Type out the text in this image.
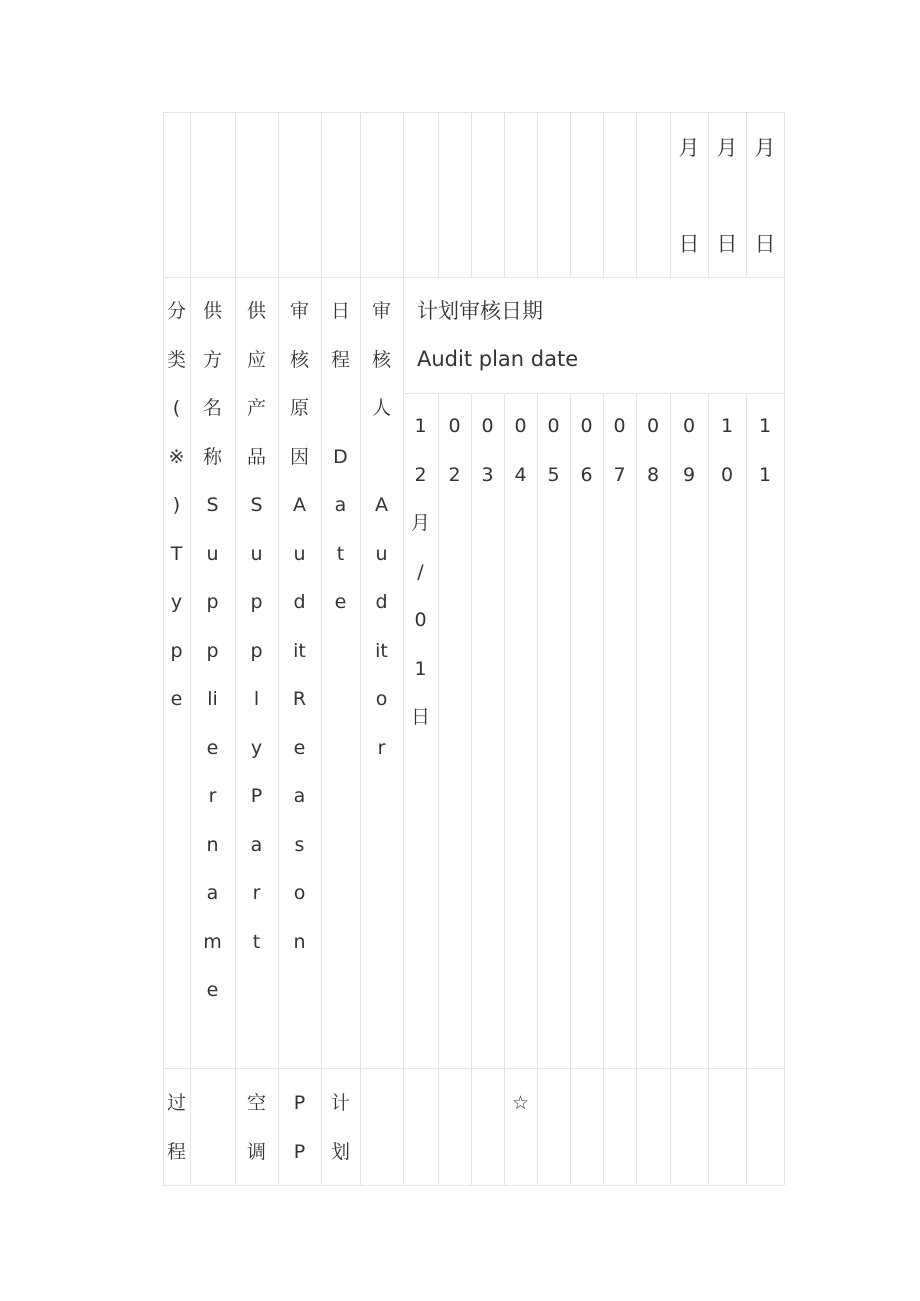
月
日
月
日
月
日
分
类
(
※
)
T
y
p
e
供
方
名
称
S
u
p
p
li
e
r
n
a
m
e
供
应
产
品
S
u
p
p
l
y
P
a
r
t
审
核
原
因
A
u
d
it
R
e
a
s
o
n
日
程
D
a
t
e
审
核
人
A
u
d
it
o
r
计划审核日期
Audit plan date
1
2
月
/
0
1
日
0
2
0
3
0
4
0
5
0
6
0
7
0
8
0
9
1
0
1
1
过
程
空
调
P
P
计
划
☆
